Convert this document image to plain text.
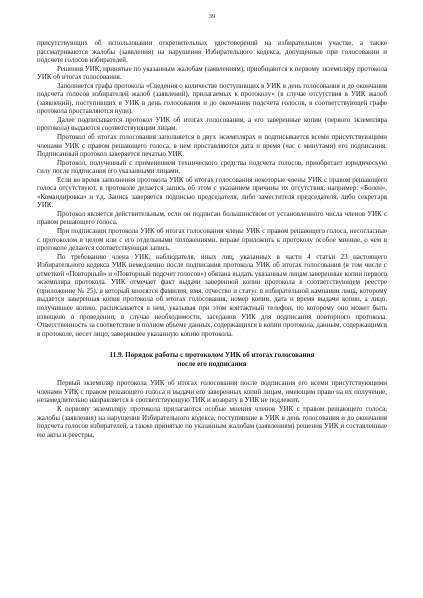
39

присутствующих об использовании открепительных удостоверений на избирательном участке, а также рассматриваются жалобы (заявления) на нарушения Избирательного кодекса, допущенные при голосовании и подсчете голосов избирателей.

Решения УИК, принятые по указанным жалобам (заявлениям), приобщаются к первому экземпляру протокола УИК об итогах голосования.

Заполняется графа протокола «Сведения о количестве поступивших в УИК в день голосования и до окончания подсчета голосов избирателей жалоб (заявлений), прилагаемых к протоколу» (в случае отсутствия в УИК жалоб (заявлений), поступивших в УИК в день голосования и до окончания подсчета голосов, в соответствующей графе протокола проставляются нули).

Далее подписывается протокол УИК об итогах голосования, а его заверенные копии (первого экземпляра протокола) выдаются соответствующим лицам.

Протокол об итогах голосования заполняется в двух экземплярах и подписывается всеми присутствующими членами УИК с правом решающего голоса, в нем проставляются дата и время (час с минутами) его подписания. Подписанный протокол заверяется печатью УИК.

Протокол, полученный с применением технического средства подсчета голосов, приобретает юридическую силу после подписания его указанными лицами.

Если во время заполнения протокола УИК об итогах голосования некоторые члены УИК с правом решающего голоса отсутствуют, в протоколе делается запись об этом с указанием причины их отсутствия, например: «Болен», «Командировка» и т.д. Запись заверяется подписью председателя, либо заместителя председателя, либо секретаря УИК.

Протокол является действительным, если он подписан большинством от установленного числа членов УИК с правом решающего голоса.

При подписании протокола УИК об итогах голосования члены УИК с правом решающего голоса, несогласные с протоколом в целом или с его отдельными положениями, вправе приложить к протоколу особое мнение, о чем в протоколе делается соответствующая запись.

По требованию члена УИК, наблюдателя, иных лиц, указанных в части 4 статьи 23 настоящего Избирательного кодекса УИК немедленно после подписания протокола УИК об итогах голосования (в том числе с отметкой «Повторный» и «Повторный подсчет голосов») обязана выдать указанным лицам заверенные копии первого экземпляра протокола. УИК отмечает факт выдачи заверенной копии протокола в соответствующем реестре (приложение № 25), в который вносятся фамилия, имя, отчество и статус в избирательной кампании лица, которому выдается заверенная копия протокола об итогах голосования, номер копии, дата и время выдачи копии, а лицо, получившее копию, расписывается в нем, указывая при этом контактный телефон, по которому оно может быть извещено о проведении, в случае необходимости, заседания УИК для подписания повторного протокола. Ответственность за соответствие в полном объеме данных, содержащихся в копии протокола, данным, содержащимся в протоколе, несет лицо, заверившее указанную копию протокола.

11.9. Порядок работы с протоколом УИК об итогах голосования
после его подписания

Первый экземпляр протокола УИК об итогах голосования после подписания его всеми присутствующими членами УИК с правом решающего голоса и выдачи его заверенных копий лицам, имеющим право на их получение, незамедлительно направляется в соответствующую ТИК и возврату в УИК не подлежит.

К первому экземпляру протокола прилагаются особые мнения членов УИК с правом решающего голоса, жалобы (заявления) на нарушения Избирательного кодекса, поступившие в УИК в день голосования и до окончания подсчета голосов избирателей, а также принятые по указанным жалобам (заявлениям) решения УИК и составленные ею акты и реестры,
